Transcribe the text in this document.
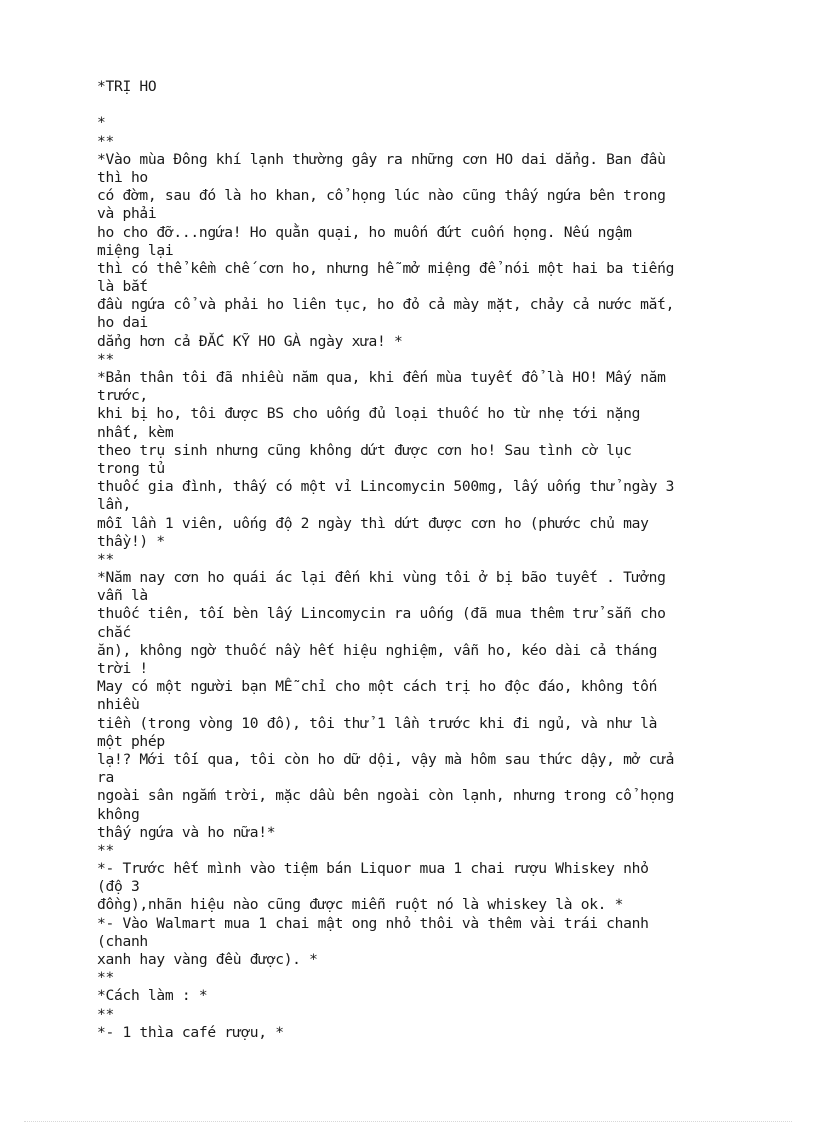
*TRỊ HO
*
**
*Vào mùa Đông khí lạnh thường gây ra những cơn HO dai dẳng. Ban đầu
thì ho
có đờm, sau đó là ho khan, cổ họng lúc nào cũng thấy ngứa bên trong
và phải
ho cho đỡ...ngứa! Ho quằn quại, ho muốn đứt cuốn họng. Nếu ngậm
miệng lại
thì có thể kềm chế cơn ho, nhưng hễ mở miệng để nói một hai ba tiếng
là bắt
đầu ngứa cổ và phải ho liên tục, ho đỏ cả mày mặt, chảy cả nước mắt,
ho dai
dẳng hơn cả ĐẮC KỸ HO GÀ ngày xưa! *
**
*Bản thân tôi đã nhiều năm qua, khi đến mùa tuyết đổ là HO! Mấy năm
trước,
khi bị ho, tôi được BS cho uống đủ loại thuốc ho từ nhẹ tới nặng
nhất, kèm
theo trụ sinh nhưng cũng không dứt được cơn ho! Sau tình cờ lục
trong tủ
thuốc gia đình, thấy có một vỉ Lincomycin 500mg, lấy uống thử ngày 3
lần,
mỗi lần 1 viên, uống độ 2 ngày thì dứt được cơn ho (phước chủ may
thầy!) *
**
*Năm nay cơn ho quái ác lại đến khi vùng tôi ở bị bão tuyết . Tưởng
vẫn là
thuốc tiên, tối bèn lấy Lincomycin ra uống (đã mua thêm trử sẵn cho
chắc
ăn), không ngờ thuốc nầy hết hiệu nghiệm, vẫn ho, kéo dài cả tháng
trời !
May có một người bạn MỄ chỉ cho một cách trị ho độc đáo, không tốn
nhiều
tiền (trong vòng 10 đô), tôi thử 1 lần trước khi đi ngủ, và như là
một phép
lạ!? Mới tối qua, tôi còn ho dữ dội, vậy mà hôm sau thức dậy, mở cửa
ra
ngoài sân ngắm trời, mặc dầu bên ngoài còn lạnh, nhưng trong cổ họng
không
thấy ngứa và ho nữa!*
**
*- Trước hết mình vào tiệm bán Liquor mua 1 chai rượu Whiskey nhỏ
(độ 3
đồng),nhãn hiệu nào cũng được miễn ruột nó là whiskey là ok. *
*- Vào Walmart mua 1 chai mật ong nhỏ thôi và thêm vài trái chanh
(chanh
xanh hay vàng đều được). *
**
*Cách làm : *
**
*- 1 thìa café rượu, *
